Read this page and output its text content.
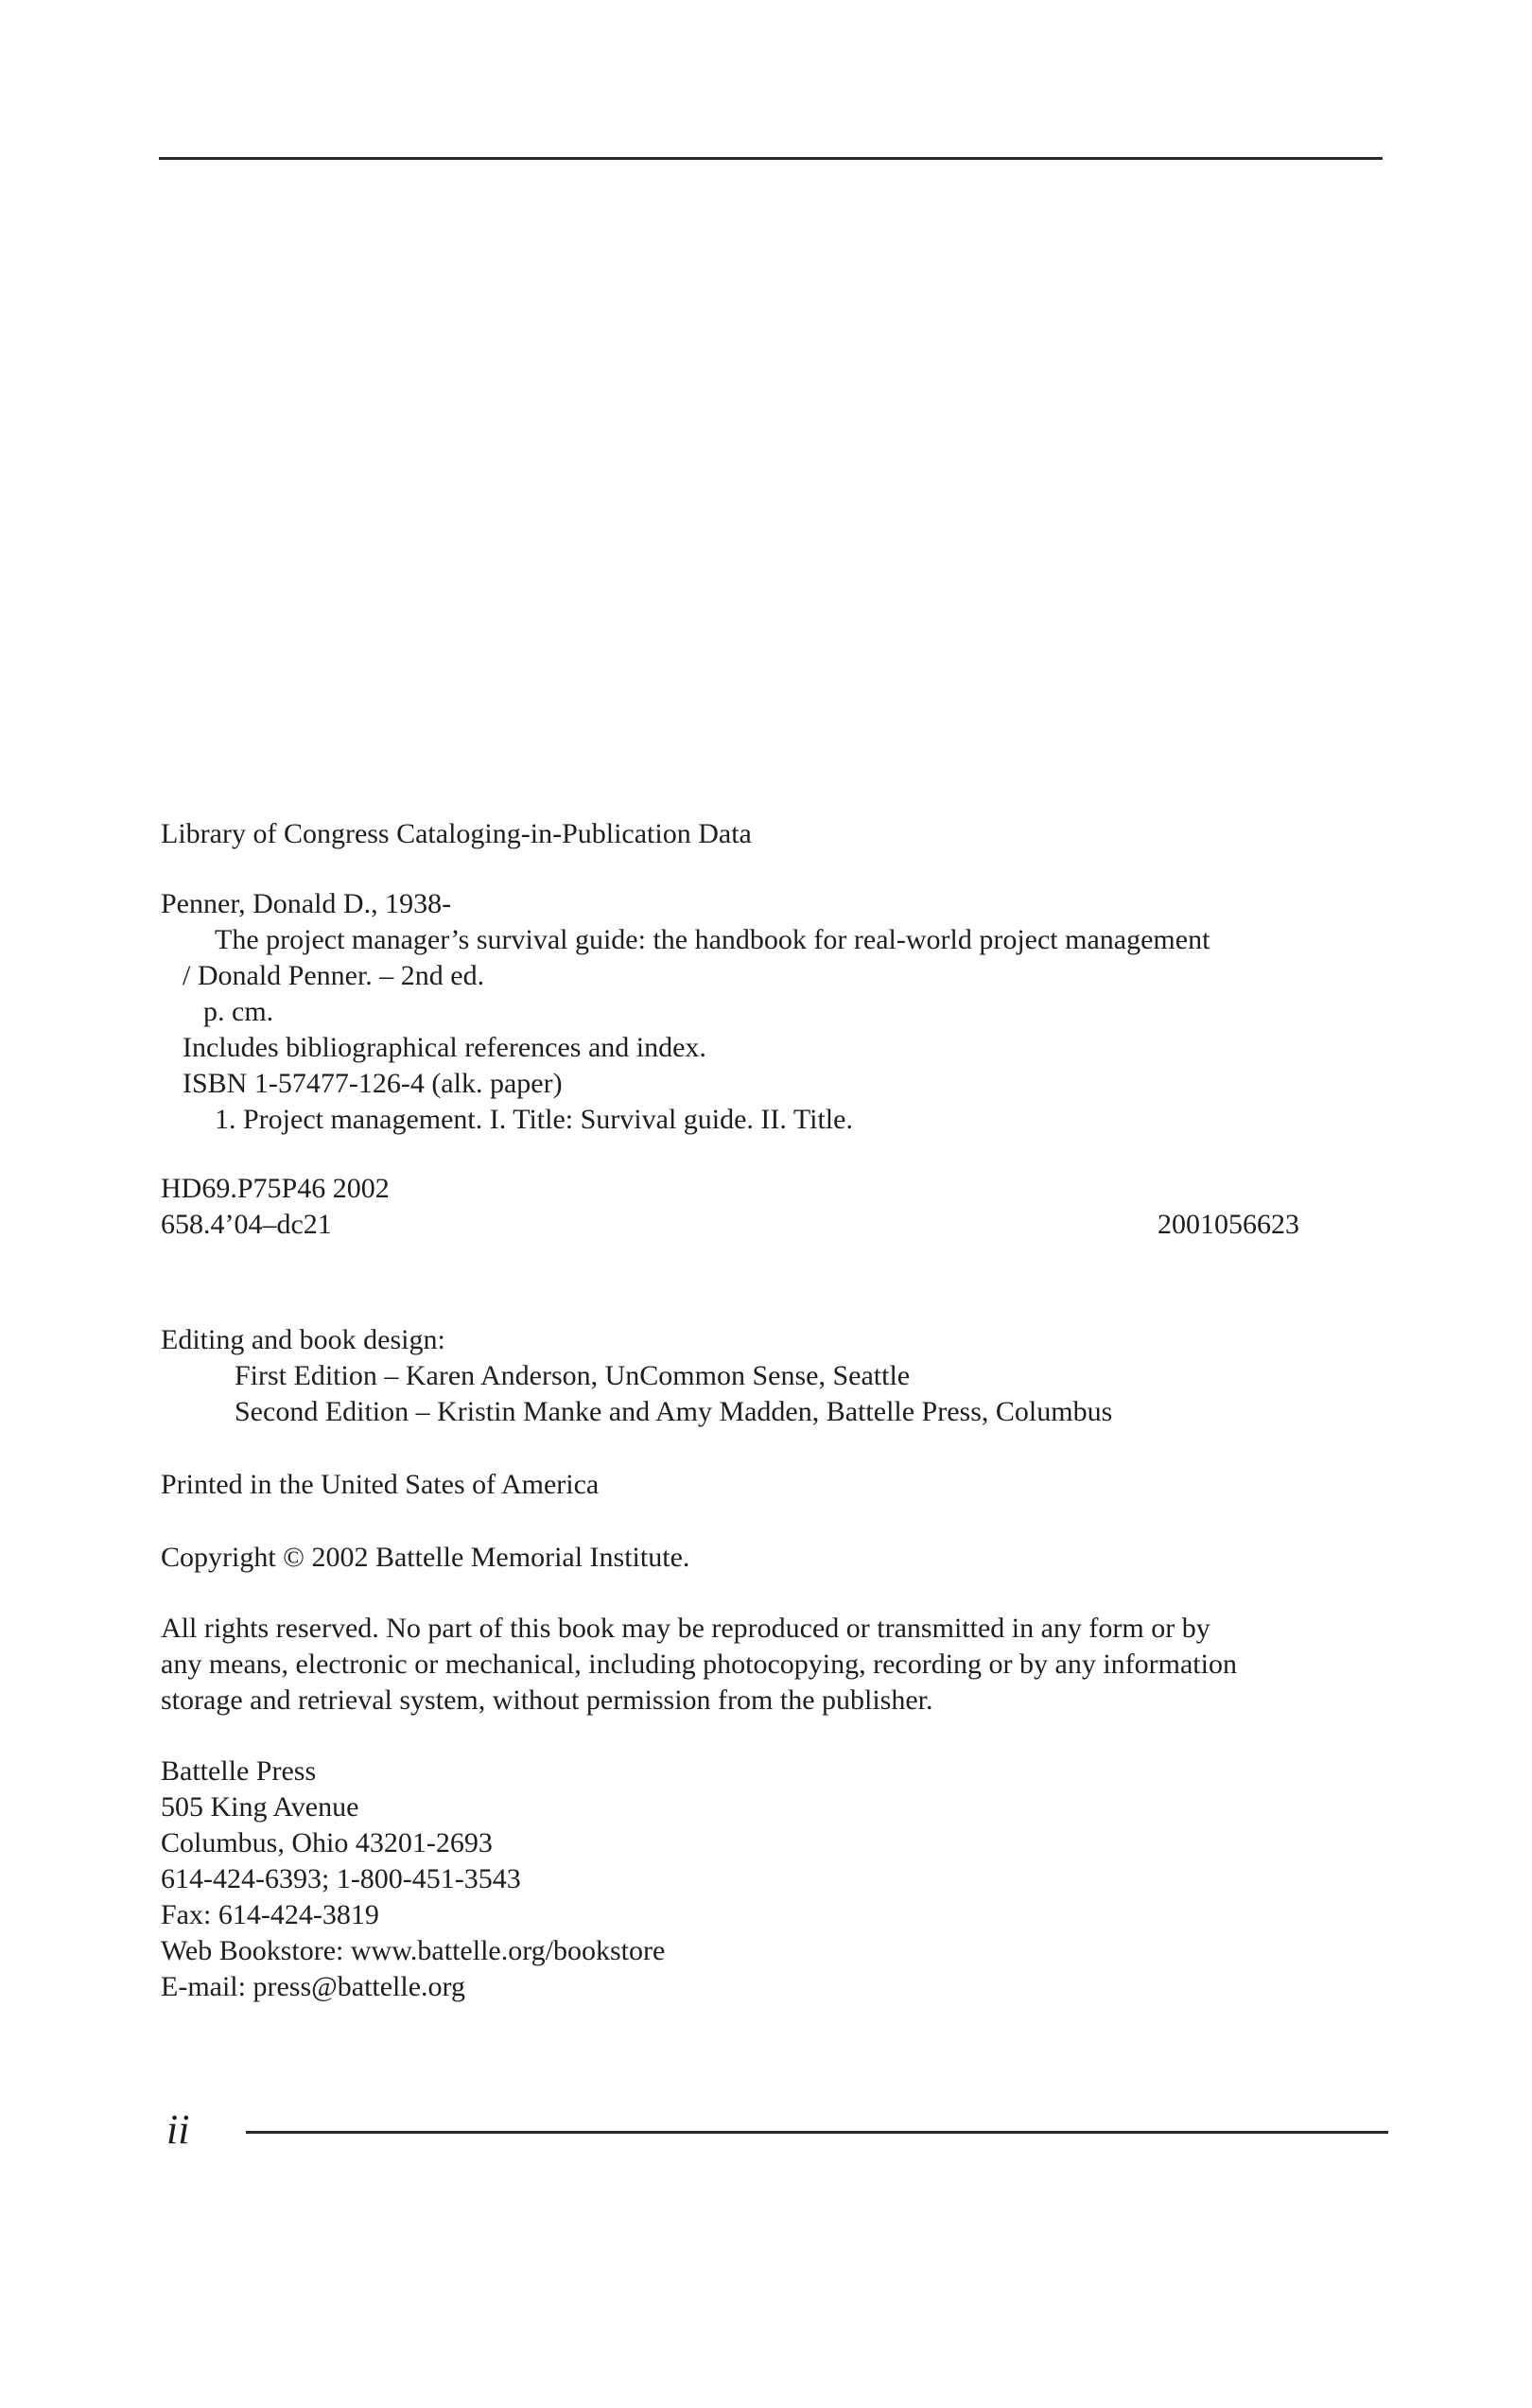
Library of Congress Cataloging-in-Publication Data
Penner, Donald D., 1938-
The project manager’s survival guide: the handbook for real-world project management
/ Donald Penner. – 2nd ed.
p. cm.
Includes bibliographical references and index.
ISBN 1-57477-126-4 (alk. paper)
1. Project management. I. Title: Survival guide. II. Title.
HD69.P75P46 2002
658.4’04–dc21	2001056623
Editing and book design:
First Edition – Karen Anderson, UnCommon Sense, Seattle
Second Edition – Kristin Manke and Amy Madden, Battelle Press, Columbus
Printed in the United Sates of America
Copyright © 2002 Battelle Memorial Institute.
All rights reserved. No part of this book may be reproduced or transmitted in any form or by
any means, electronic or mechanical, including photocopying, recording or by any information
storage and retrieval system, without permission from the publisher.
Battelle Press
505 King Avenue
Columbus, Ohio 43201-2693
614-424-6393; 1-800-451-3543
Fax: 614-424-3819
Web Bookstore: www.battelle.org/bookstore
E-mail: press@battelle.org
ii
